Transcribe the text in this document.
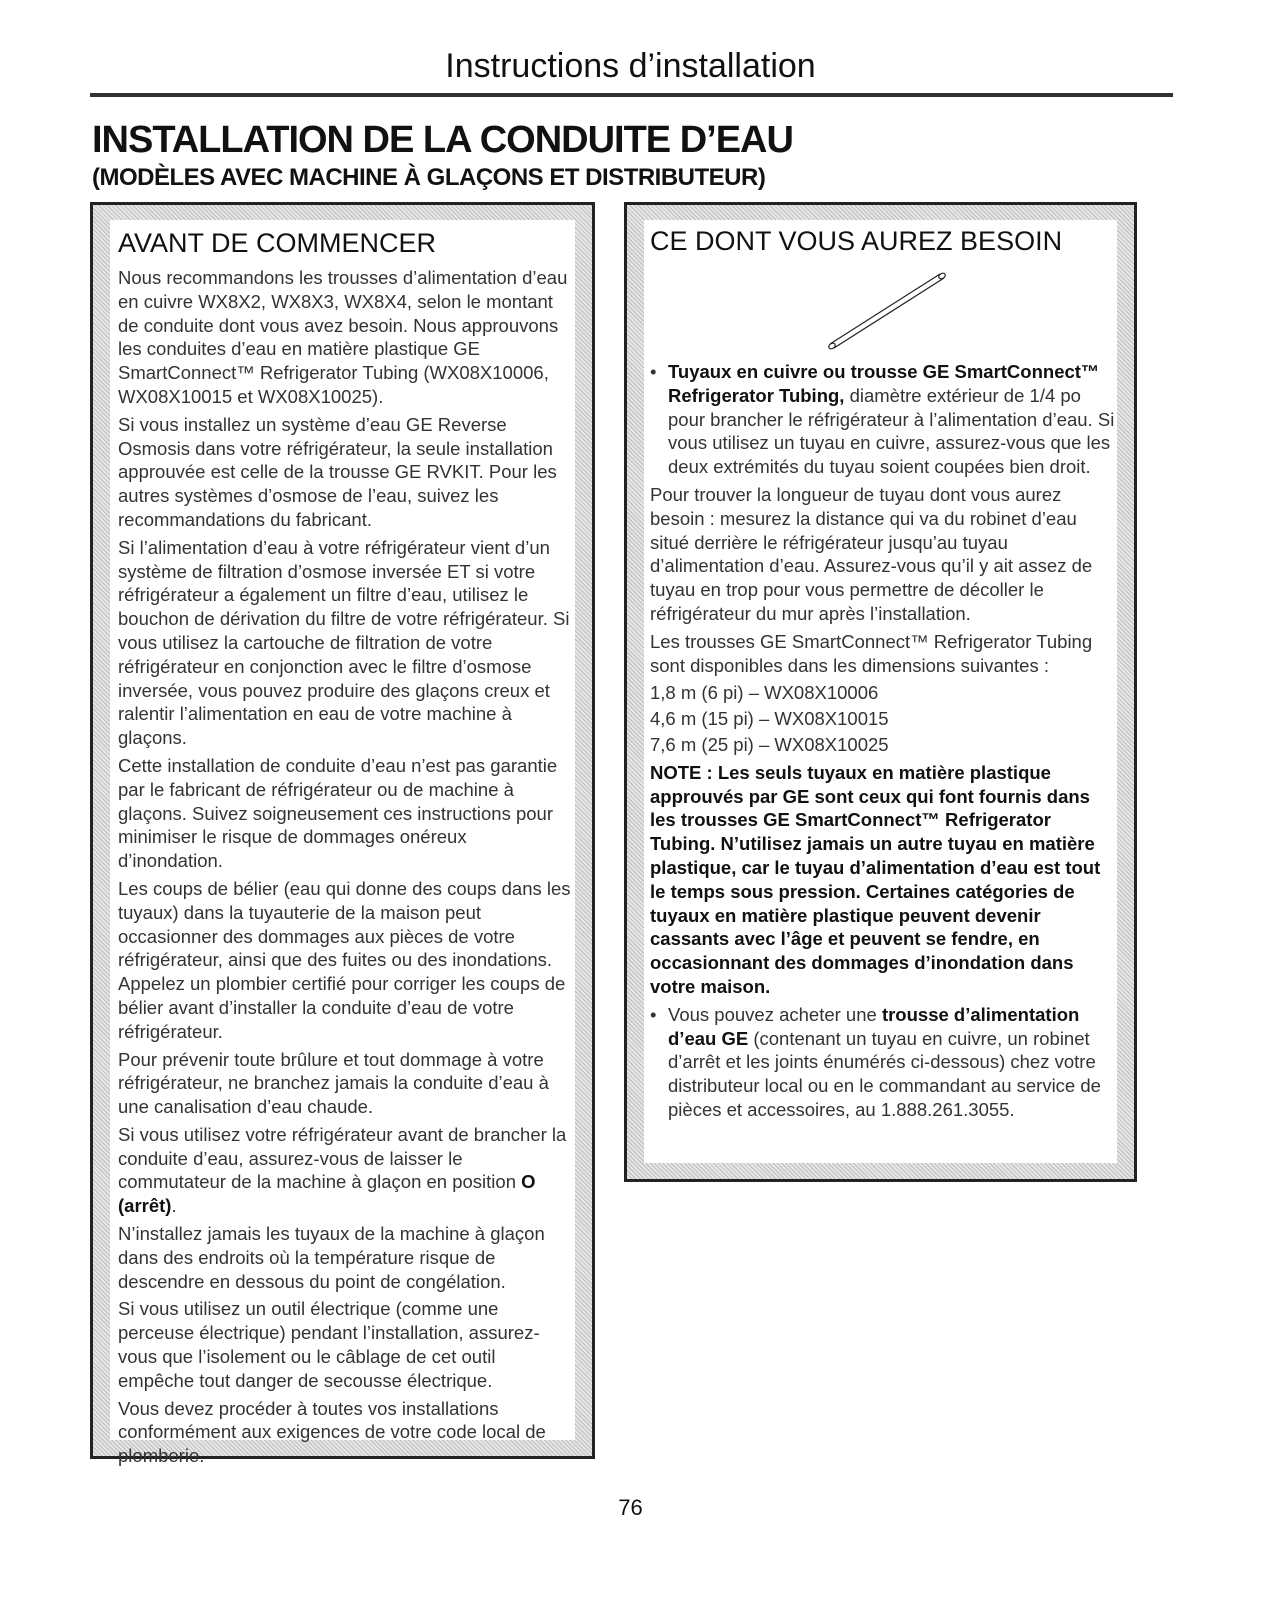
Instructions d’installation
INSTALLATION DE LA CONDUITE D’EAU
(MODÈLES AVEC MACHINE À GLAÇONS ET DISTRIBUTEUR)
AVANT DE COMMENCER

Nous recommandons les trousses d’alimentation d’eau en cuivre WX8X2, WX8X3, WX8X4, selon le montant de conduite dont vous avez besoin. Nous approuvons les conduites d’eau en matière plastique GE SmartConnect™ Refrigerator Tubing (WX08X10006, WX08X10015 et WX08X10025).

Si vous installez un système d’eau GE Reverse Osmosis dans votre réfrigérateur, la seule installation approuvée est celle de la trousse GE RVKIT. Pour les autres systèmes d’osmose de l’eau, suivez les recommandations du fabricant.

Si l’alimentation d’eau à votre réfrigérateur vient d’un système de filtration d’osmose inversée ET si votre réfrigérateur a également un filtre d’eau, utilisez le bouchon de dérivation du filtre de votre réfrigérateur. Si vous utilisez la cartouche de filtration de votre réfrigérateur en conjonction avec le filtre d’osmose inversée, vous pouvez produire des glaçons creux et ralentir l’alimentation en eau de votre machine à glaçons.

Cette installation de conduite d’eau n’est pas garantie par le fabricant de réfrigérateur ou de machine à glaçons. Suivez soigneusement ces instructions pour minimiser le risque de dommages onéreux d’inondation.

Les coups de bélier (eau qui donne des coups dans les tuyaux) dans la tuyauterie de la maison peut occasionner des dommages aux pièces de votre réfrigérateur, ainsi que des fuites ou des inondations. Appelez un plombier certifié pour corriger les coups de bélier avant d’installer la conduite d’eau de votre réfrigérateur.

Pour prévenir toute brûlure et tout dommage à votre réfrigérateur, ne branchez jamais la conduite d’eau à une canalisation d’eau chaude.

Si vous utilisez votre réfrigérateur avant de brancher la conduite d’eau, assurez-vous de laisser le commutateur de la machine à glaçon en position O (arrêt).

N’installez jamais les tuyaux de la machine à glaçon dans des endroits où la température risque de descendre en dessous du point de congélation.

Si vous utilisez un outil électrique (comme une perceuse électrique) pendant l’installation, assurez-vous que l’isolement ou le câblage de cet outil empêche tout danger de secousse électrique.

Vous devez procéder à toutes vos installations conformément aux exigences de votre code local de plomberie.

CE DONT VOUS AUREZ BESOIN

• Tuyaux en cuivre ou trousse GE SmartConnect™ Refrigerator Tubing, diamètre extérieur de 1/4 po pour brancher le réfrigérateur à l’alimentation d’eau. Si vous utilisez un tuyau en cuivre, assurez-vous que les deux extrémités du tuyau soient coupées bien droit.

Pour trouver la longueur de tuyau dont vous aurez besoin : mesurez la distance qui va du robinet d’eau situé derrière le réfrigérateur jusqu’au tuyau d’alimentation d’eau. Assurez-vous qu’il y ait assez de tuyau en trop pour vous permettre de décoller le réfrigérateur du mur après l’installation.

Les trousses GE SmartConnect™ Refrigerator Tubing sont disponibles dans les dimensions suivantes :

1,8 m (6 pi) – WX08X10006

4,6 m (15 pi) – WX08X10015

7,6 m (25 pi) – WX08X10025

NOTE : Les seuls tuyaux en matière plastique approuvés par GE sont ceux qui font fournis dans les trousses GE SmartConnect™ Refrigerator Tubing. N’utilisez jamais un autre tuyau en matière plastique, car le tuyau d’alimentation d’eau est tout le temps sous pression. Certaines catégories de tuyaux en matière plastique peuvent devenir cassants avec l’âge et peuvent se fendre, en occasionnant des dommages d’inondation dans votre maison.

• Vous pouvez acheter une trousse d’alimentation d’eau GE (contenant un tuyau en cuivre, un robinet d’arrêt et les joints énumérés ci-dessous) chez votre distributeur local ou en le commandant au service de pièces et accessoires, au 1.888.261.3055.

76
